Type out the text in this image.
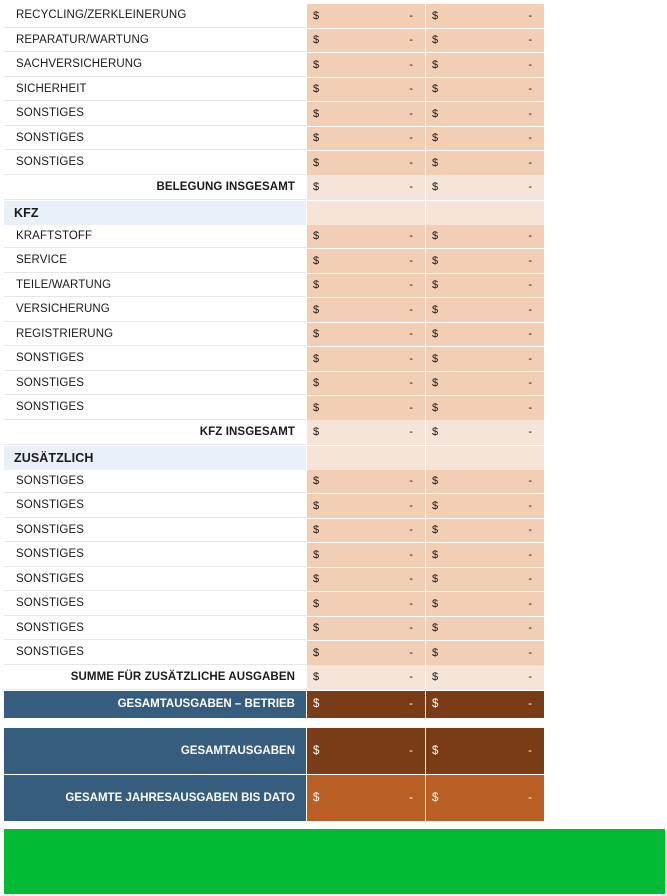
RECYCLING/ZERKLEINERUNG	$	- $	-
REPARATUR/WARTUNG	$	- $	-
SACHVERSICHERUNG	$	- $	-
SICHERHEIT	$	- $	-
SONSTIGES	$	- $	-
SONSTIGES	$	- $	-
SONSTIGES	$	- $	-
BELEGUNG INSGESAMT	$	- $	-
KFZ
KRAFTSTOFF	$	- $	-
SERVICE	$	- $	-
TEILE/WARTUNG	$	- $	-
VERSICHERUNG	$	- $	-
REGISTRIERUNG	$	- $	-
SONSTIGES	$	- $	-
SONSTIGES	$	- $	-
SONSTIGES	$	- $	-
KFZ INSGESAMT	$	- $	-
ZUSÄTZLICH
SONSTIGES	$	- $	-
SONSTIGES	$	- $	-
SONSTIGES	$	- $	-
SONSTIGES	$	- $	-
SONSTIGES	$	- $	-
SONSTIGES	$	- $	-
SONSTIGES	$	- $	-
SONSTIGES	$	- $	-
SUMME FÜR ZUSÄTZLICHE AUSGABEN	$	- $	-
GESAMTAUSGABEN – BETRIEB	$	- $	-
GESAMTAUSGABEN	$	- $	-
GESAMTE JAHRESAUSGABEN BIS DATO	$	- $	-
